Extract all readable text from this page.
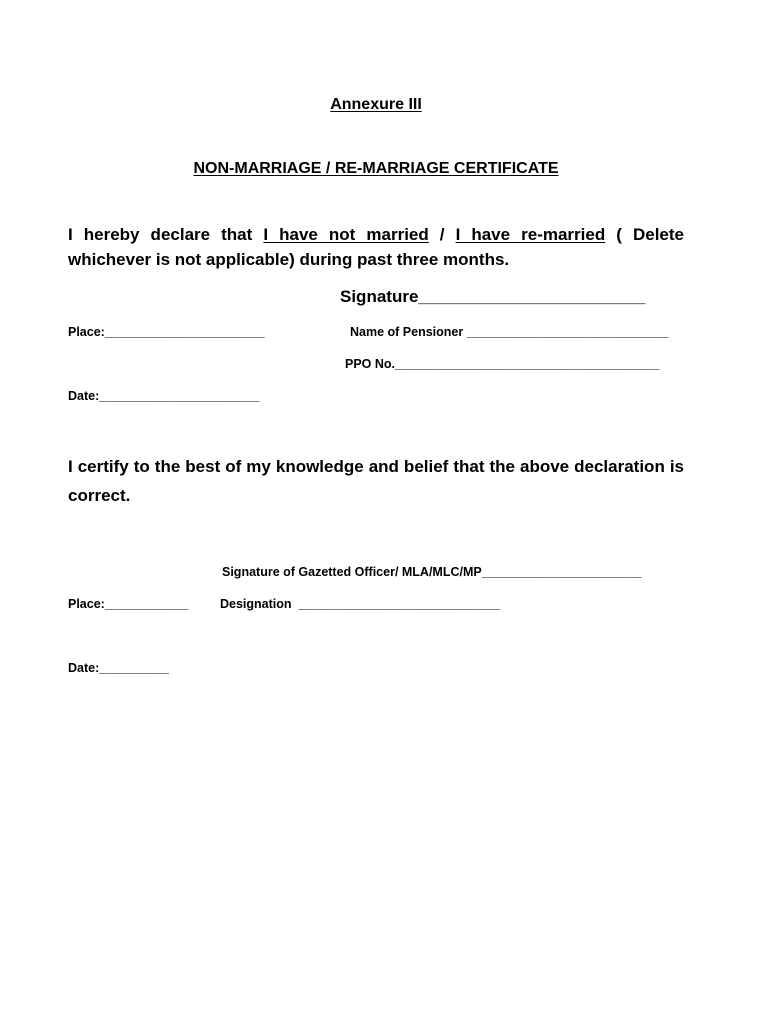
Annexure III
NON-MARRIAGE / RE-MARRIAGE CERTIFICATE
I hereby declare that I have not married / I have re-married ( Delete whichever is not applicable) during past three months.
Signature________________________
Place:_______________________	Name of Pensioner _____________________________
PPO No.______________________________________
Date:_______________________
I certify to the best of my knowledge and belief that the above declaration is correct.
Signature of Gazetted Officer/ MLA/MLC/MP_______________________
Place:____________	Designation  _____________________________
Date:__________
